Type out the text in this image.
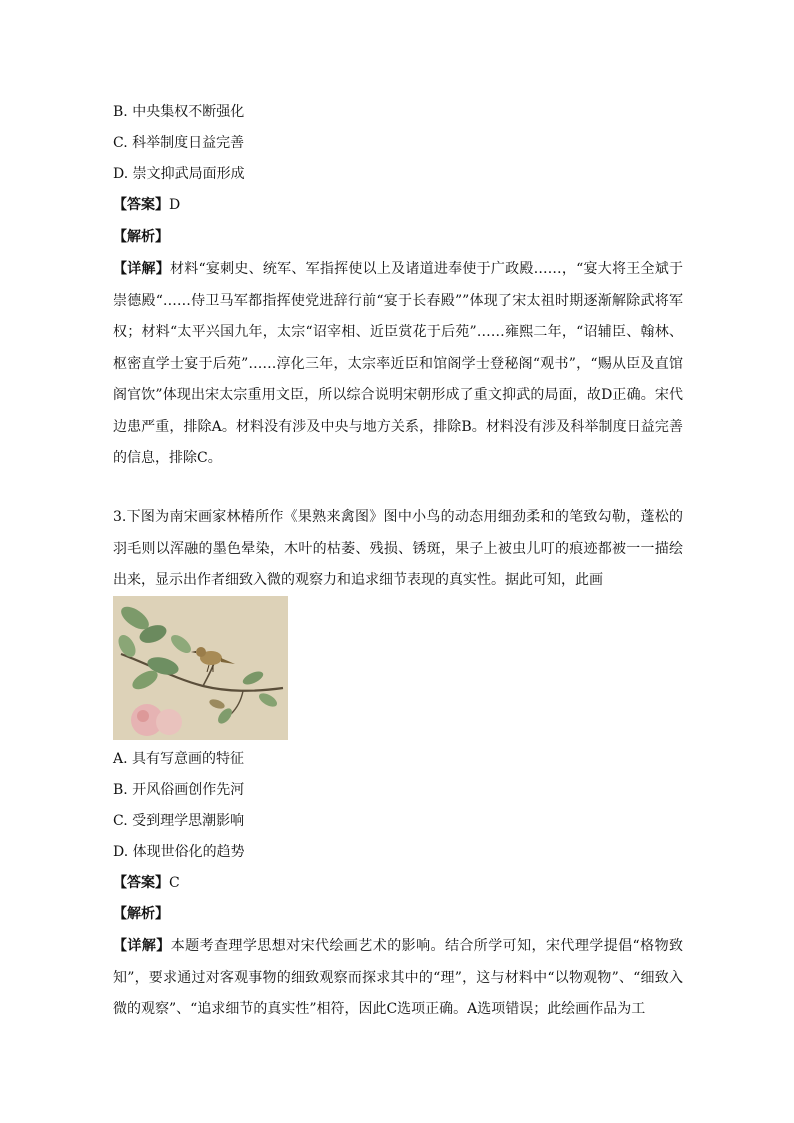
B. 中央集权不断强化
C. 科举制度日益完善
D. 崇文抑武局面形成
【答案】D
【解析】
【详解】材料“宴刺史、统军、军指挥使以上及诸道进奉使于广政殿……，“宴大将王全斌于崇德殿“……侍卫马军都指挥使党进辞行前“宴于长春殿””体现了宋太祖时期逐渐解除武将军权；材料“太平兴国九年，太宗“诏宰相、近臣赏花于后苑”……雍熙二年，“诏辅臣、翰林、枢密直学士宴于后苑”……淳化三年，太宗率近臣和馆阁学士登秘阁“观书”，“赐从臣及直馆阁官饮”体现出宋太宗重用文臣，所以综合说明宋朝形成了重文抑武的局面，故D正确。宋代边患严重，排除A。材料没有涉及中央与地方关系，排除B。材料没有涉及科举制度日益完善的信息，排除C。
3.下图为南宋画家林椿所作《果熟来禽图》图中小鸟的动态用细劲柔和的笔致勾勒，蓬松的羽毛则以浑融的墨色晕染，木叶的枯萎、残损、锈斑，果子上被虫儿叮的痕迹都被一一描绘出来，显示出作者细致入微的观察力和追求细节表现的真实性。据此可知，此画
A. 具有写意画的特征
B. 开风俗画创作先河
C. 受到理学思潮影响
D. 体现世俗化的趋势
【答案】C
【解析】
【详解】本题考查理学思想对宋代绘画艺术的影响。结合所学可知，宋代理学提倡“格物致知”，要求通过对客观事物的细致观察而探求其中的“理”，这与材料中“以物观物”、“细致入微的观察”、“追求细节的真实性”相符，因此C选项正确。A选项错误；此绘画作品为工
